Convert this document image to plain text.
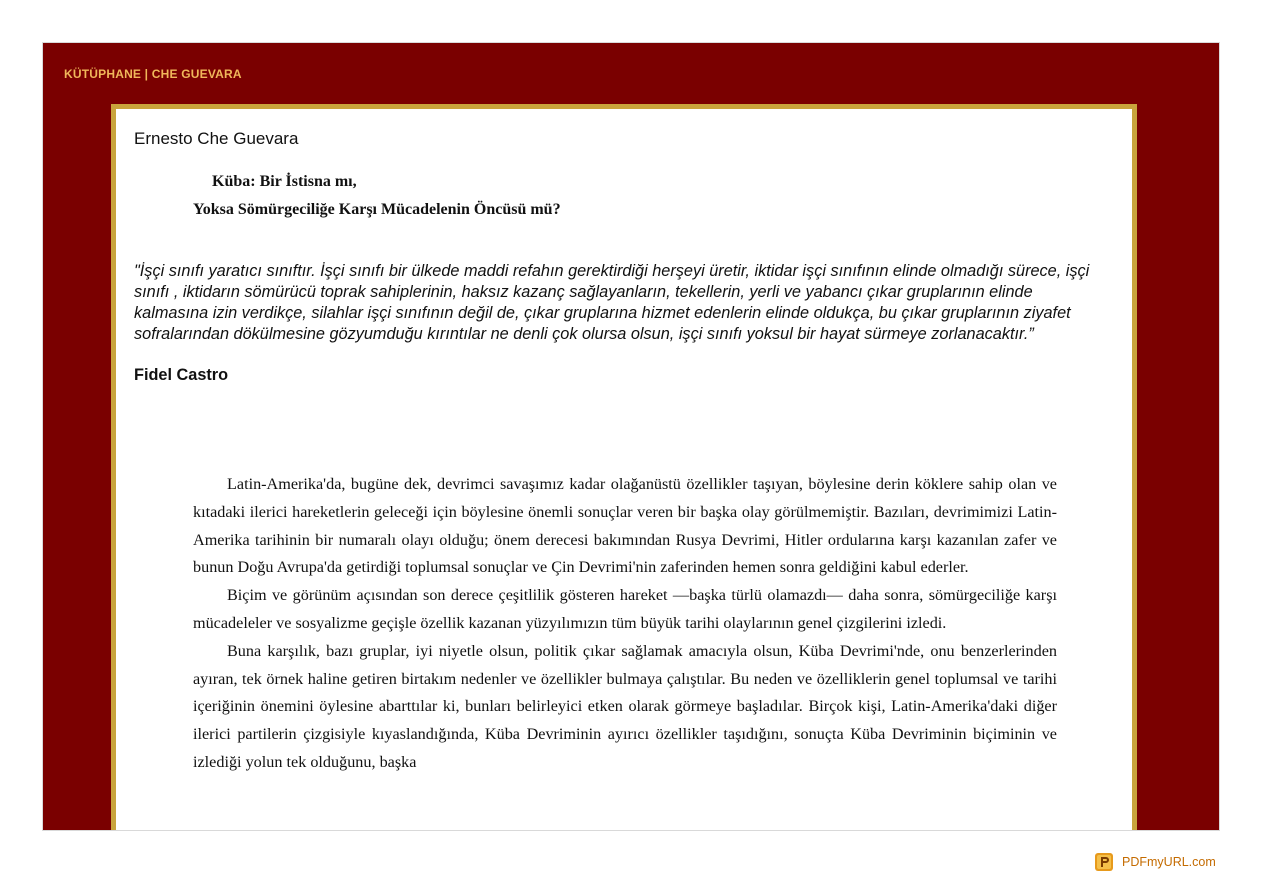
KÜTÜPHANE | CHE GUEVARA
Ernesto Che Guevara
Küba: Bir İstisna mı,
Yoksa Sömürgeciliğe Karşı Mücadelenin Öncüsü mü?

"İşçi sınıfı yaratıcı sınıftır. İşçi sınıfı bir ülkede maddi refahın gerektirdiği herşeyi üretir, iktidar işçi sınıfının elinde olmadığı sürece, işçi sınıfı , iktidarın sömürücü toprak sahiplerinin, haksız kazanç sağlayanların, tekellerin, yerli ve yabancı çıkar gruplarının elinde kalmasına izin verdikçe, silahlar işçi sınıfının değil de, çıkar gruplarına hizmet edenlerin elinde oldukça, bu çıkar gruplarının ziyafet sofralarından dökülmesine gözyumduğu kırıntılar ne denli çok olursa olsun, işçi sınıfı yoksul bir hayat sürmeye zorlanacaktır.”

Fidel Castro

Latin-Amerika'da, bugüne dek, devrimci savaşımız kadar olağanüstü özellikler taşıyan, böylesine derin köklere sahip olan ve kıtadaki ilerici hareketlerin geleceği için böylesine önemli sonuçlar veren bir başka olay görülmemiştir. Bazıları, devrimimizi Latin-Amerika tarihinin bir numaralı olayı olduğu; önem derecesi bakımından Rusya Devrimi, Hitler ordularına karşı kazanılan zafer ve bunun Doğu Avrupa'da getirdiği toplumsal sonuçlar ve Çin Devrimi'nin zaferinden hemen sonra geldiğini kabul ederler.

Biçim ve görünüm açısından son derece çeşitlilik gösteren hareket —başka türlü olamazdı— daha sonra, sömürgeciliğe karşı mücadeleler ve sosyalizme geçişle özellik kazanan yüzyılımızın tüm büyük tarihi olaylarının genel çizgilerini izledi.

Buna karşılık, bazı gruplar, iyi niyetle olsun, politik çıkar sağlamak amacıyla olsun, Küba Devrimi'nde, onu benzerlerinden ayıran, tek örnek haline getiren birtakım nedenler ve özellikler bulmaya çalıştılar. Bu neden ve özelliklerin genel toplumsal ve tarihi içeriğinin önemini öylesine abarttılar ki, bunları belirleyici etken olarak görmeye başladılar. Birçok kişi, Latin-Amerika'daki diğer ilerici partilerin çizgisiyle kıyaslandığında, Küba Devriminin ayırıcı özellikler taşıdığını, sonuçta Küba Devriminin biçiminin ve izlediği yolun tek olduğunu, başka

PDFmyURL.com
